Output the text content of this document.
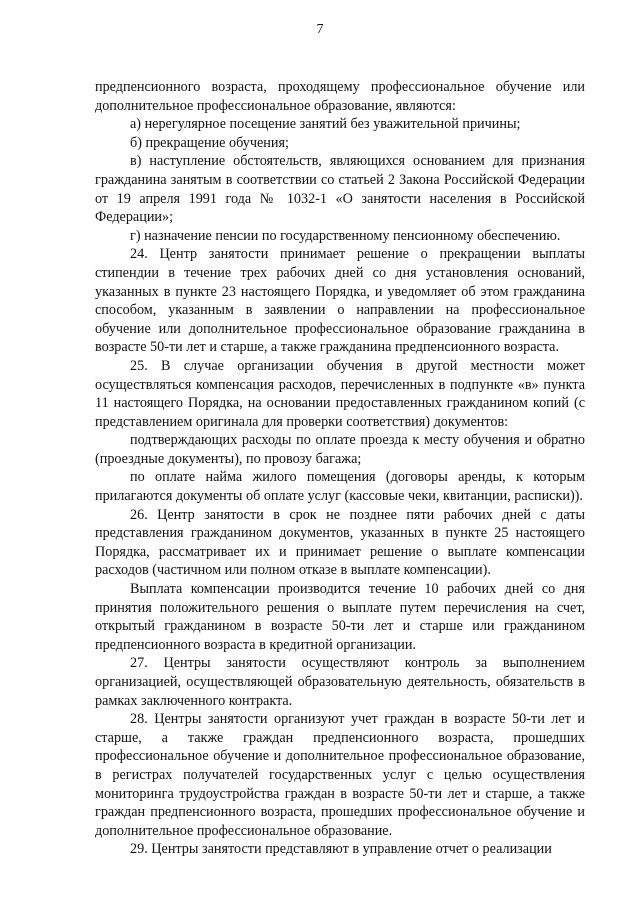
7

предпенсионного возраста, проходящему профессиональное обучение или дополнительное профессиональное образование, являются:

а) нерегулярное посещение занятий без уважительной причины;

б) прекращение обучения;

в) наступление обстоятельств, являющихся основанием для признания гражданина занятым в соответствии со статьей 2 Закона Российской Федерации от 19 апреля 1991 года № 1032-1 «О занятости населения в Российской Федерации»;

г) назначение пенсии по государственному пенсионному обеспечению.

24. Центр занятости принимает решение о прекращении выплаты стипендии в течение трех рабочих дней со дня установления оснований, указанных в пункте 23 настоящего Порядка, и уведомляет об этом гражданина способом, указанным в заявлении о направлении на профессиональное обучение или дополнительное профессиональное образование гражданина в возрасте 50-ти лет и старше, а также гражданина предпенсионного возраста.

25. В случае организации обучения в другой местности может осуществляться компенсация расходов, перечисленных в подпункте «в» пункта 11 настоящего Порядка, на основании предоставленных гражданином копий (с представлением оригинала для проверки соответствия) документов:

подтверждающих расходы по оплате проезда к месту обучения и обратно (проездные документы), по провозу багажа;

по оплате найма жилого помещения (договоры аренды, к которым прилагаются документы об оплате услуг (кассовые чеки, квитанции, расписки)).

26. Центр занятости в срок не позднее пяти рабочих дней с даты представления гражданином документов, указанных в пункте 25 настоящего Порядка, рассматривает их и принимает решение о выплате компенсации расходов (частичном или полном отказе в выплате компенсации).

Выплата компенсации производится течение 10 рабочих дней со дня принятия положительного решения о выплате путем перечисления на счет, открытый гражданином в возрасте 50-ти лет и старше или гражданином предпенсионного возраста в кредитной организации.

27. Центры занятости осуществляют контроль за выполнением организацией, осуществляющей образовательную деятельность, обязательств в рамках заключенного контракта.

28. Центры занятости организуют учет граждан в возрасте 50-ти лет и старше, а также граждан предпенсионного возраста, прошедших профессиональное обучение и дополнительное профессиональное образование, в регистрах получателей государственных услуг с целью осуществления мониторинга трудоустройства граждан в возрасте 50-ти лет и старше, а также граждан предпенсионного возраста, прошедших профессиональное обучение и дополнительное профессиональное образование.

29. Центры занятости представляют в управление отчет о реализации
